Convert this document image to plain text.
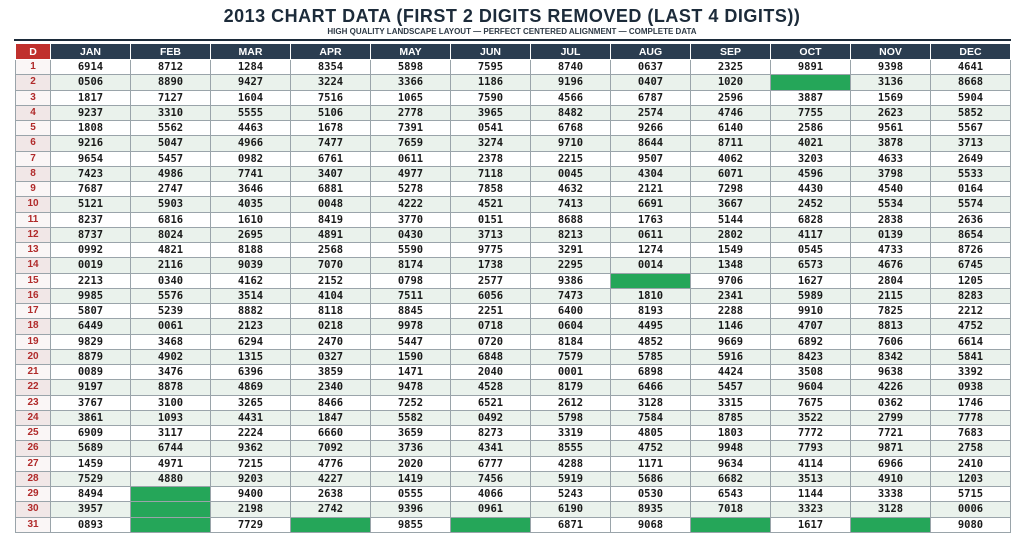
2013 CHART DATA (FIRST 2 DIGITS REMOVED (LAST 4 DIGITS))
HIGH QUALITY LANDSCAPE LAYOUT — PERFECT CENTERED ALIGNMENT — COMPLETE DATA
D	JAN	FEB	MAR	APR	MAY	JUN	JUL	AUG	SEP	OCT	NOV	DEC
1	6914	8712	1284	8354	5898	7595	8740	0637	2325	9891	9398	4641
2	0506	8890	9427	3224	3366	1186	9196	0407	1020		3136	8668
3	1817	7127	1604	7516	1065	7590	4566	6787	2596	3887	1569	5904
4	9237	3310	5555	5106	2778	3965	8482	2574	4746	7755	2623	5852
5	1808	5562	4463	1678	7391	0541	6768	9266	6140	2586	9561	5567
6	9216	5047	4966	7477	7659	3274	9710	8644	8711	4021	3878	3713
7	9654	5457	0982	6761	0611	2378	2215	9507	4062	3203	4633	2649
8	7423	4986	7741	3407	4977	7118	0045	4304	6071	4596	3798	5533
9	7687	2747	3646	6881	5278	7858	4632	2121	7298	4430	4540	0164
10	5121	5903	4035	0048	4222	4521	7413	6691	3667	2452	5534	5574
11	8237	6816	1610	8419	3770	0151	8688	1763	5144	6828	2838	2636
12	8737	8024	2695	4891	0430	3713	8213	0611	2802	4117	0139	8654
13	0992	4821	8188	2568	5590	9775	3291	1274	1549	0545	4733	8726
14	0019	2116	9039	7070	8174	1738	2295	0014	1348	6573	4676	6745
15	2213	0340	4162	2152	0798	2577	9386		9706	1627	2804	1205
16	9985	5576	3514	4104	7511	6056	7473	1810	2341	5989	2115	8283
17	5807	5239	8882	8118	8845	2251	6400	8193	2288	9910	7825	2212
18	6449	0061	2123	0218	9978	0718	0604	4495	1146	4707	8813	4752
19	9829	3468	6294	2470	5447	0720	8184	4852	9669	6892	7606	6614
20	8879	4902	1315	0327	1590	6848	7579	5785	5916	8423	8342	5841
21	0089	3476	6396	3859	1471	2040	0001	6898	4424	3508	9638	3392
22	9197	8878	4869	2340	9478	4528	8179	6466	5457	9604	4226	0938
23	3767	3100	3265	8466	7252	6521	2612	3128	3315	7675	0362	1746
24	3861	1093	4431	1847	5582	0492	5798	7584	8785	3522	2799	7778
25	6909	3117	2224	6660	3659	8273	3319	4805	1803	7772	7721	7683
26	5689	6744	9362	7092	3736	4341	8555	4752	9948	7793	9871	2758
27	1459	4971	7215	4776	2020	6777	4288	1171	9634	4114	6966	2410
28	7529	4880	9203	4227	1419	7456	5919	5686	6682	3513	4910	1203
29	8494		9400	2638	0555	4066	5243	0530	6543	1144	3338	5715
30	3957		2198	2742	9396	0961	6190	8935	7018	3323	3128	0006
31	0893		7729		9855		6871	9068		1617		9080
